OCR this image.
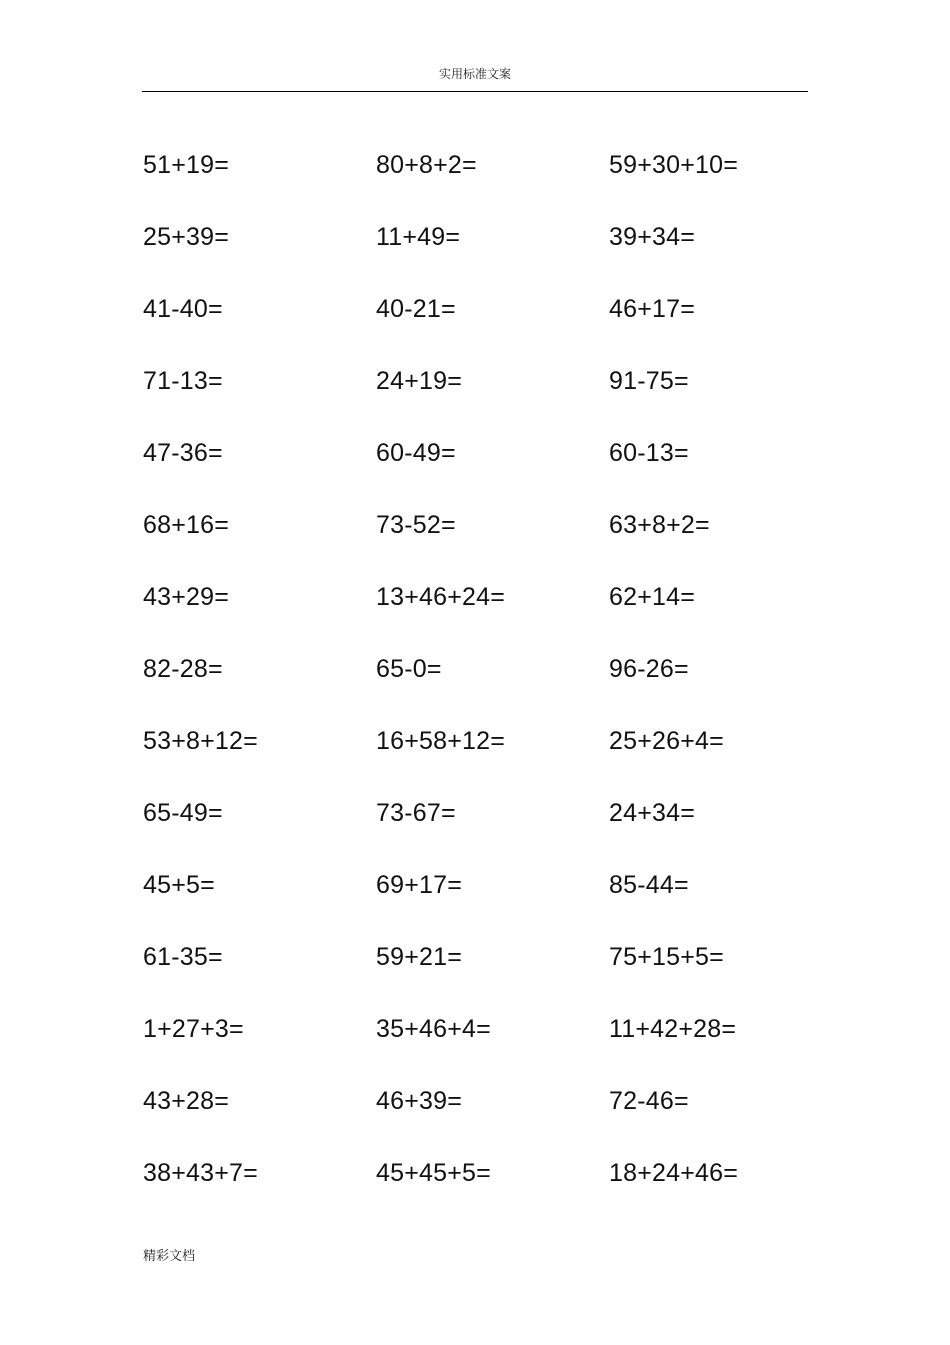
实用标准文案
51+19=	80+8+2=	59+30+10=
25+39=	11+49=	39+34=
41-40=	40-21=	46+17=
71-13=	24+19=	91-75=
47-36=	60-49=	60-13=
68+16=	73-52=	63+8+2=
43+29=	13+46+24=	62+14=
82-28=	65-0=	96-26=
53+8+12=	16+58+12=	25+26+4=
65-49=	73-67=	24+34=
45+5=	69+17=	85-44=
61-35=	59+21=	75+15+5=
1+27+3=	35+46+4=	11+42+28=
43+28=	46+39=	72-46=
38+43+7=	45+45+5=	18+24+46=
精彩文档
